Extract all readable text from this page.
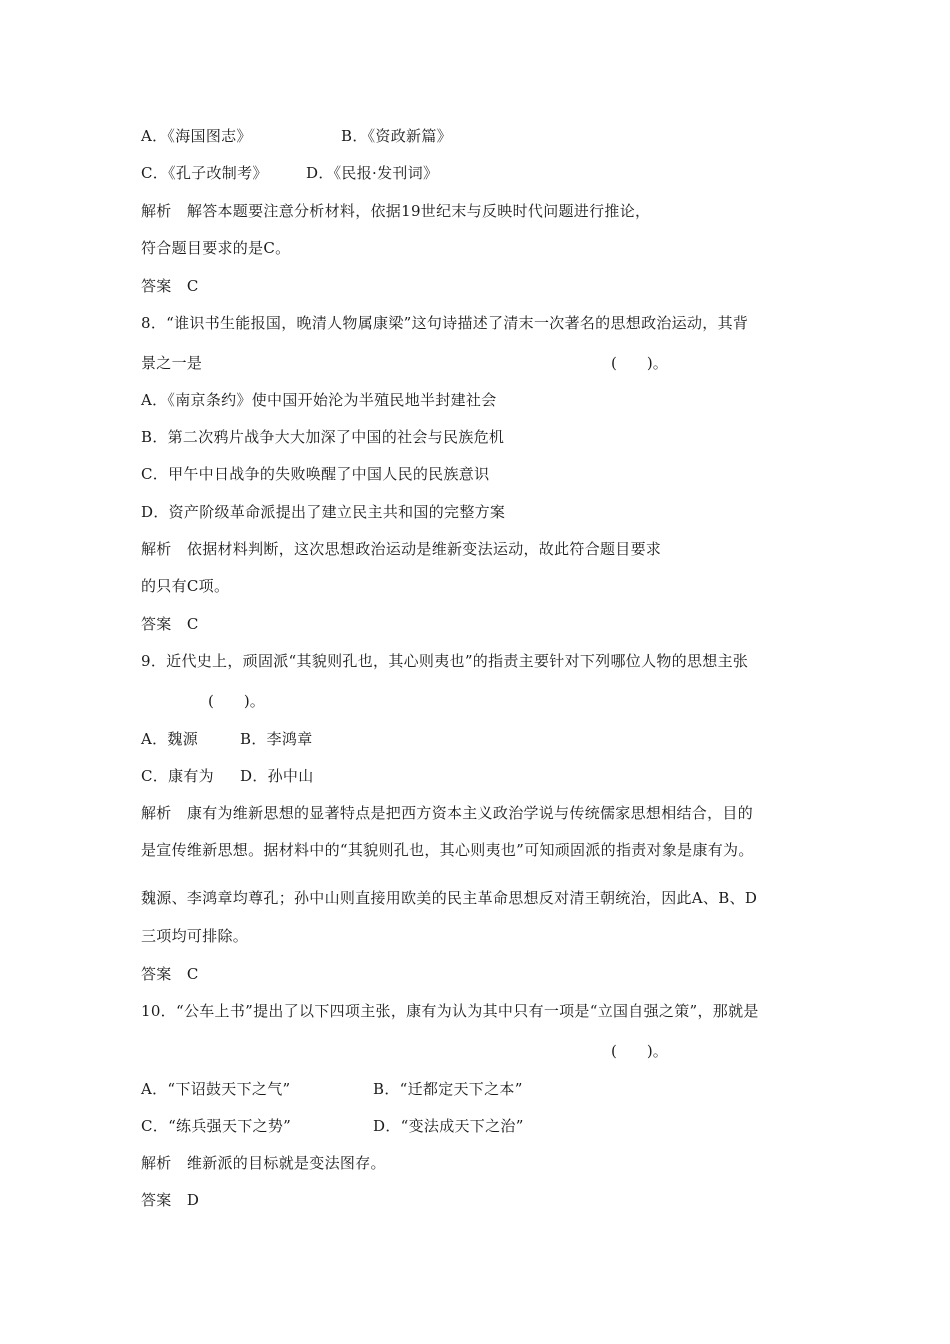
A．《海国图志》	B．《资政新篇》
C．《孔子改制考》	D．《民报·发刊词》
解析　解答本题要注意分析材料，依据19世纪末与反映时代问题进行推论，
符合题目要求的是C。
答案　C
8．“谁识书生能报国，晚清人物属康梁”这句诗描述了清末一次著名的思想政治运动，其背
景之一是	(　　)。
A．《南京条约》使中国开始沦为半殖民地半封建社会
B．第二次鸦片战争大大加深了中国的社会与民族危机
C．甲午中日战争的失败唤醒了中国人民的民族意识
D．资产阶级革命派提出了建立民主共和国的完整方案
解析　依据材料判断，这次思想政治运动是维新变法运动，故此符合题目要求
的只有C项。
答案　C
9．近代史上，顽固派“其貌则孔也，其心则夷也”的指责主要针对下列哪位人物的思想主张
(　　)。
A．魏源	B．李鸿章
C．康有为 D．孙中山
解析　康有为维新思想的显著特点是把西方资本主义政治学说与传统儒家思想相结合，目的
是宣传维新思想。据材料中的“其貌则孔也，其心则夷也”可知顽固派的指责对象是康有为。
魏源、李鸿章均尊孔；孙中山则直接用欧美的民主革命思想反对清王朝统治，因此A、B、D
三项均可排除。
答案　C
10．“公车上书”提出了以下四项主张，康有为认为其中只有一项是“立国自强之策”，那就是
(　　)。
A．“下诏鼓天下之气”	B．“迁都定天下之本”
C．“练兵强天下之势”	D．“变法成天下之治”
解析　维新派的目标就是变法图存。
答案　D
